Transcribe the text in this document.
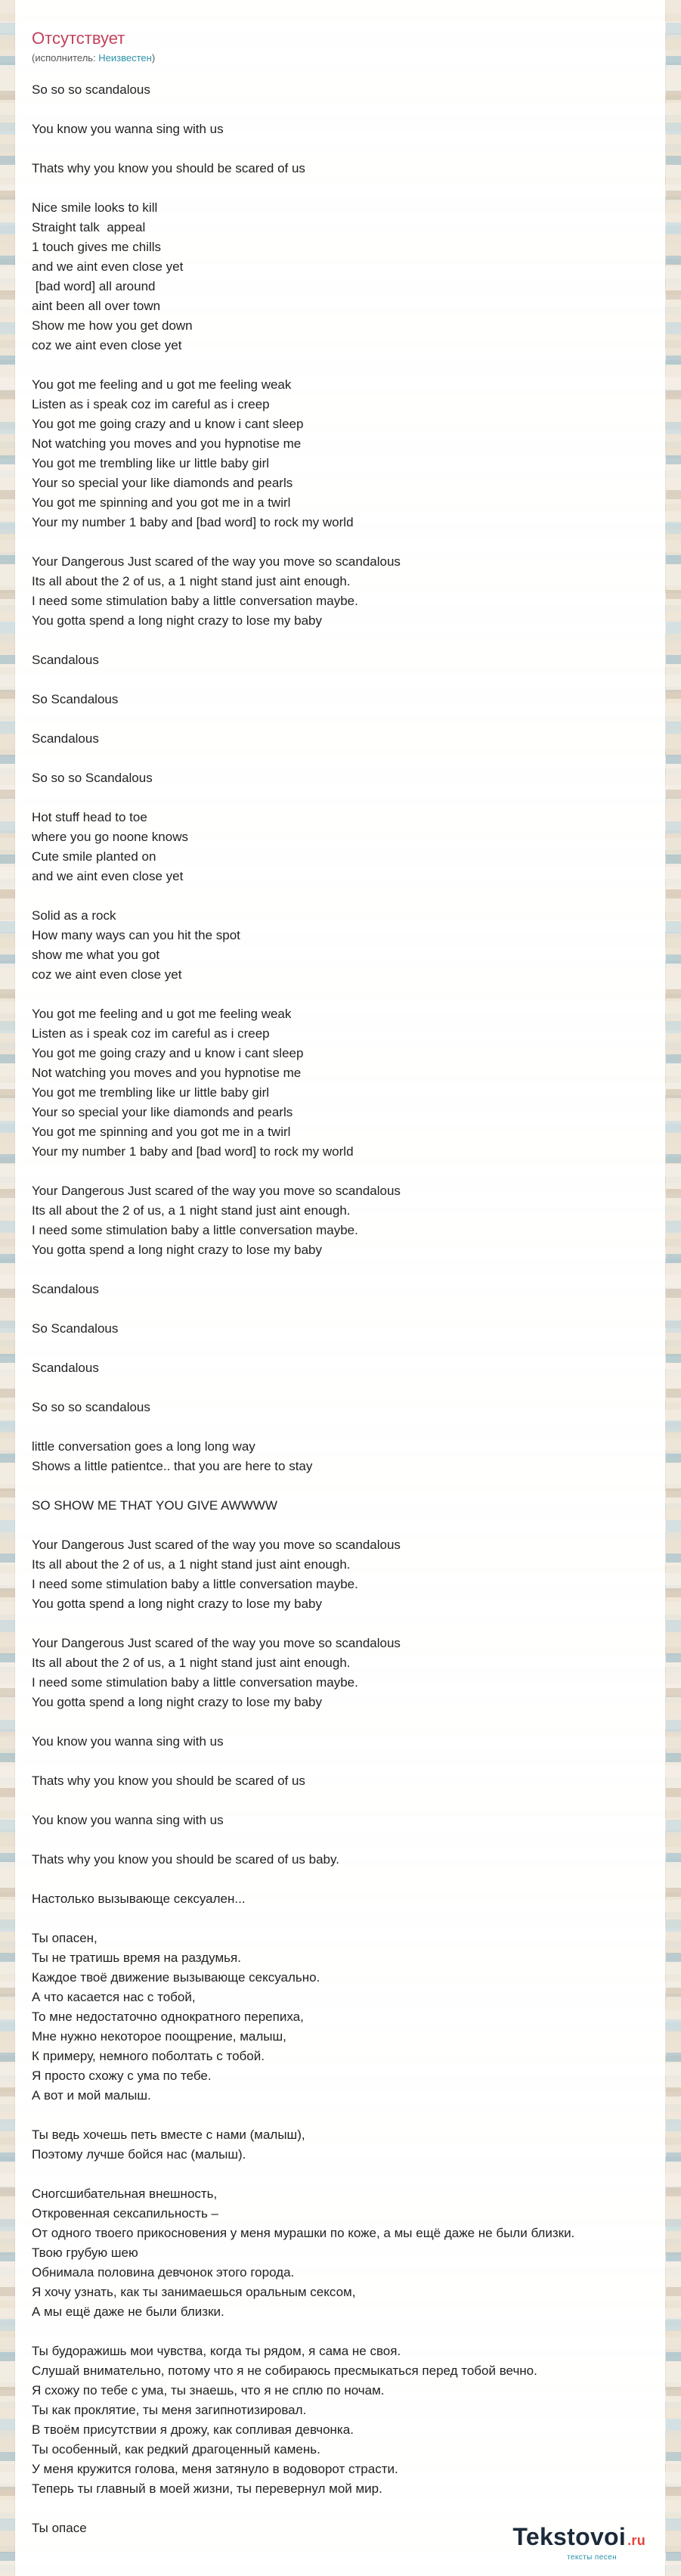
Отсутствует
(исполнитель: Неизвестен)
So so so scandalous

You know you wanna sing with us

Thats why you know you should be scared of us

Nice smile looks to kill
Straight talk  appeal
1 touch gives me chills
and we aint even close yet
[bad word] all around
aint been all over town
Show me how you get down
coz we aint even close yet

You got me feeling and u got me feeling weak
Listen as i speak coz im careful as i creep
You got me going crazy and u know i cant sleep
Not watching you moves and you hypnotise me
You got me trembling like ur little baby girl
Your so special your like diamonds and pearls
You got me spinning and you got me in a twirl
Your my number 1 baby and [bad word] to rock my world

Your Dangerous Just scared of the way you move so scandalous
Its all about the 2 of us, a 1 night stand just aint enough.
I need some stimulation baby a little conversation maybe.
You gotta spend a long night crazy to lose my baby

Scandalous

So Scandalous

Scandalous

So so so Scandalous

Hot stuff head to toe
where you go noone knows
Cute smile planted on
and we aint even close yet

Solid as a rock
How many ways can you hit the spot
show me what you got
coz we aint even close yet

You got me feeling and u got me feeling weak
Listen as i speak coz im careful as i creep
You got me going crazy and u know i cant sleep
Not watching you moves and you hypnotise me
You got me trembling like ur little baby girl
Your so special your like diamonds and pearls
You got me spinning and you got me in a twirl
Your my number 1 baby and [bad word] to rock my world

Your Dangerous Just scared of the way you move so scandalous
Its all about the 2 of us, a 1 night stand just aint enough.
I need some stimulation baby a little conversation maybe.
You gotta spend a long night crazy to lose my baby

Scandalous

So Scandalous

Scandalous

So so so scandalous

little conversation goes a long long way
Shows a little patientce.. that you are here to stay

SO SHOW ME THAT YOU GIVE AWWWW

Your Dangerous Just scared of the way you move so scandalous
Its all about the 2 of us, a 1 night stand just aint enough.
I need some stimulation baby a little conversation maybe.
You gotta spend a long night crazy to lose my baby

Your Dangerous Just scared of the way you move so scandalous
Its all about the 2 of us, a 1 night stand just aint enough.
I need some stimulation baby a little conversation maybe.
You gotta spend a long night crazy to lose my baby

You know you wanna sing with us

Thats why you know you should be scared of us

You know you wanna sing with us

Thats why you know you should be scared of us baby.

Настолько вызывающе сексуален...

Ты опасен,
Ты не тратишь время на раздумья.
Каждое твоё движение вызывающе сексуально.
А что касается нас с тобой,
То мне недостаточно однократного перепиха,
Мне нужно некоторое поощрение, малыш,
К примеру, немного поболтать с тобой.
Я просто схожу с ума по тебе.
А вот и мой малыш.

Ты ведь хочешь петь вместе с нами (малыш),
Поэтому лучше бойся нас (малыш).

Сногсшибательная внешность,
Откровенная сексапильность –
От одного твоего прикосновения у меня мурашки по коже, а мы ещё даже не были близки.
Твою грубую шею
Обнимала половина девчонок этого города.
Я хочу узнать, как ты занимаешься оральным сексом,
А мы ещё даже не были близки.

Ты будоражишь мои чувства, когда ты рядом, я сама не своя.
Слушай внимательно, потому что я не собираюсь пресмыкаться перед тобой вечно.
Я схожу по тебе с ума, ты знаешь, что я не сплю по ночам.
Ты как проклятие, ты меня загипнотизировал.
В твоём присутствии я дрожу, как сопливая девчонка.
Ты особенный, как редкий драгоценный камень.
У меня кружится голова, меня затянуло в водоворот страсти.
Теперь ты главный в моей жизни, ты перевернул мой мир.

Ты опасе	Tekstovoi .ru
тексты песен
